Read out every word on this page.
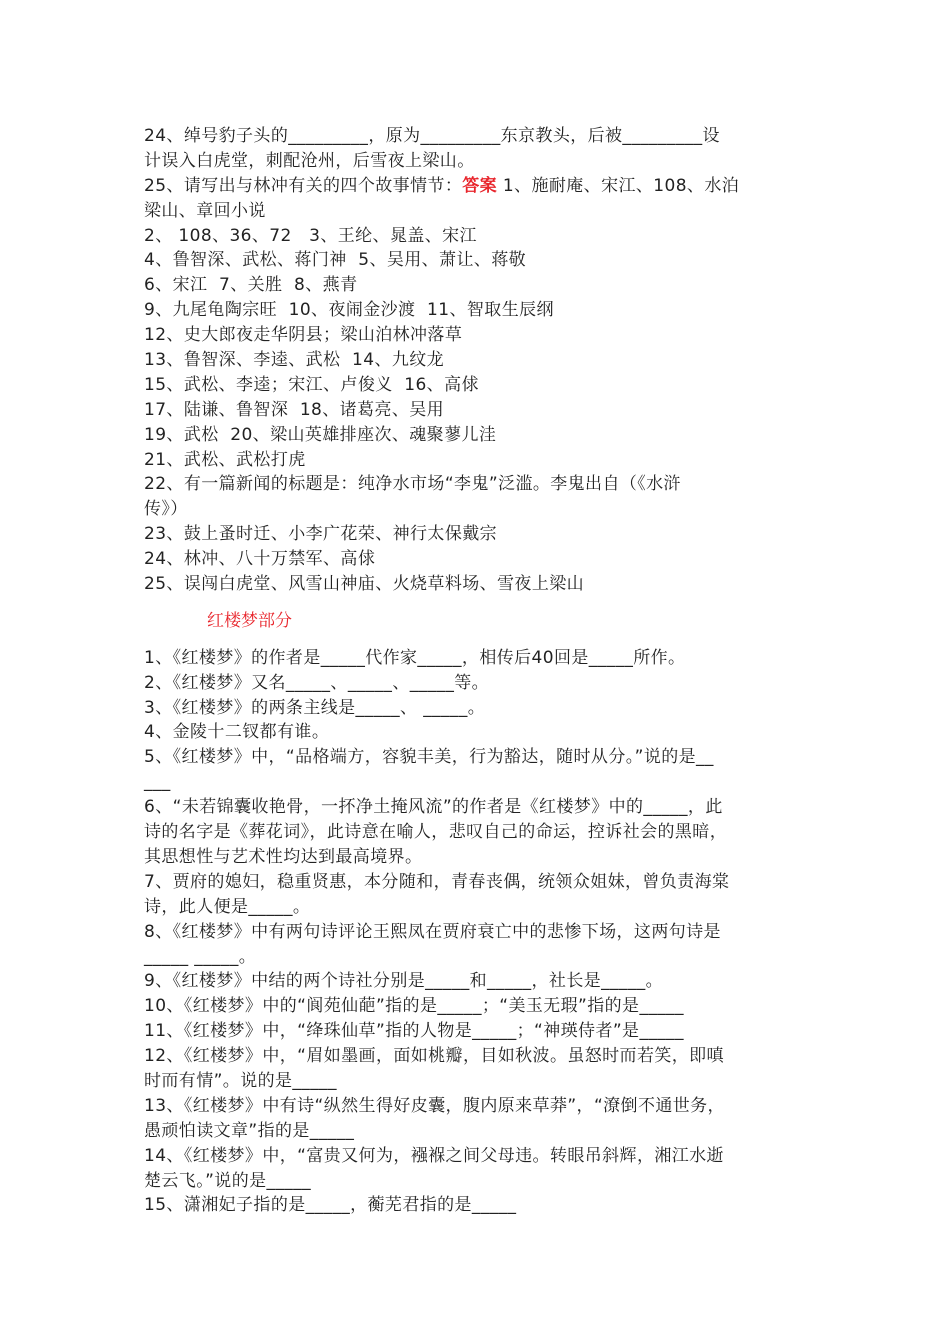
24、绰号豹子头的_________，原为_________东京教头，后被_________设
计误入白虎堂，刺配沧州，后雪夜上梁山。
25、请写出与林冲有关的四个故事情节：答案 1、施耐庵、宋江、108、水泊
梁山、章回小说
2、 108、36、72   3、王纶、晁盖、宋江
4、鲁智深、武松、蒋门神  5、吴用、萧让、蒋敬
6、宋江  7、关胜  8、燕青
9、九尾龟陶宗旺  10、夜闹金沙渡  11、智取生辰纲
12、史大郎夜走华阴县；梁山泊林冲落草
13、鲁智深、李逵、武松  14、九纹龙
15、武松、李逵；宋江、卢俊义  16、高俅
17、陆谦、鲁智深  18、诸葛亮、吴用
19、武松  20、梁山英雄排座次、魂聚蓼儿洼
21、武松、武松打虎
22、有一篇新闻的标题是：纯净水市场“李鬼”泛滥。李鬼出自（《水浒
传》）
23、鼓上蚤时迁、小李广花荣、神行太保戴宗
24、林冲、八十万禁军、高俅
25、误闯白虎堂、风雪山神庙、火烧草料场、雪夜上梁山
红楼梦部分
1、《红楼梦》的作者是_____代作家_____，相传后40回是_____所作。
2、《红楼梦》又名_____、_____、_____等。
3、《红楼梦》的两条主线是_____、 _____。
4、金陵十二钗都有谁。
5、《红楼梦》中，“品格端方，容貌丰美，行为豁达，随时从分。”说的是__
___
6、“未若锦囊收艳骨，一抔净土掩风流”的作者是《红楼梦》中的_____，此
诗的名字是《葬花词》，此诗意在喻人，悲叹自己的命运，控诉社会的黑暗，
其思想性与艺术性均达到最高境界。
7、贾府的媳妇，稳重贤惠，本分随和，青春丧偶，统领众姐妹，曾负责海棠
诗，此人便是_____。
8、《红楼梦》中有两句诗评论王熙凤在贾府衰亡中的悲惨下场，这两句诗是
_____ _____。
9、《红楼梦》中结的两个诗社分别是_____和_____，社长是_____。
10、《红楼梦》中的“阆苑仙葩”指的是_____；“美玉无瑕”指的是_____
11、《红楼梦》中，“绛珠仙草”指的人物是_____；“神瑛侍者”是_____
12、《红楼梦》中，“眉如墨画，面如桃瓣，目如秋波。虽怒时而若笑，即嗔
时而有情”。说的是_____
13、《红楼梦》中有诗“纵然生得好皮囊，腹内原来草莽”，“潦倒不通世务，
愚顽怕读文章”指的是_____
14、《红楼梦》中，“富贵又何为，襁褓之间父母违。转眼吊斜辉，湘江水逝
楚云飞。”说的是_____
15、潇湘妃子指的是_____，蘅芜君指的是_____
